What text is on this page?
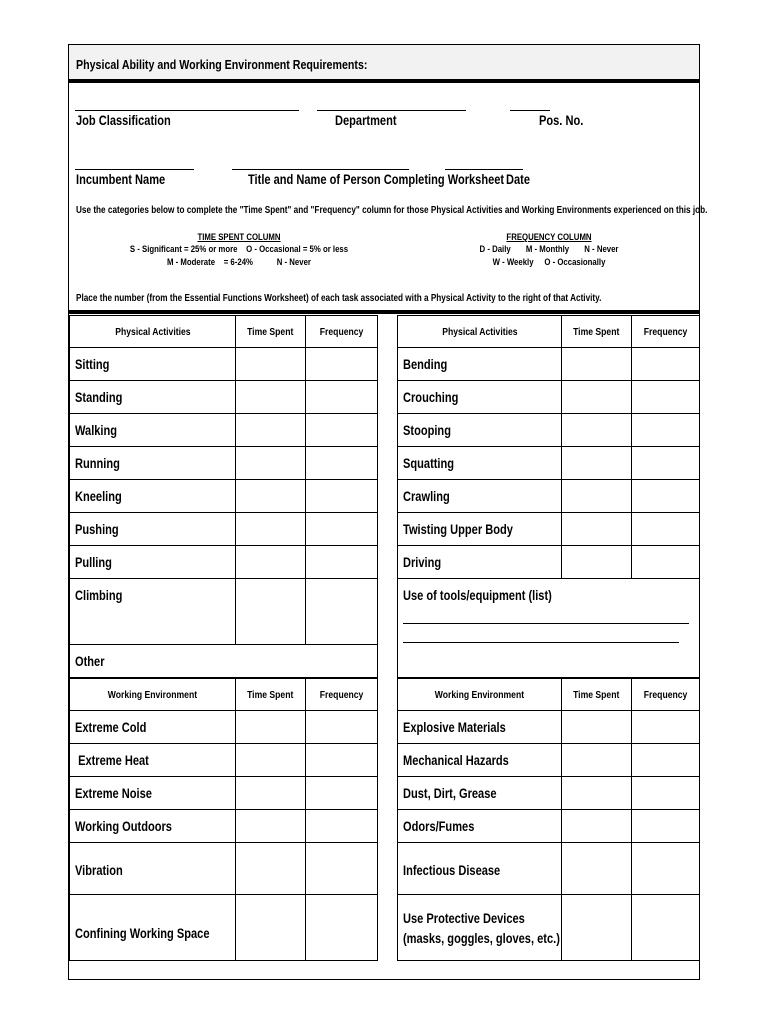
Physical Ability and Working Environment Requirements:
Job Classification	Department	Pos. No.
Incumbent Name	Title and Name of Person Completing Worksheet Date
Use the categories below to complete the "Time Spent" and "Frequency" column for those Physical Activities and Working Environments experienced on this job.
TIME SPENT COLUMN
S - Significant = 25% or more    O - Occasional = 5% or less
M - Moderate    = 6-24%           N - Never
FREQUENCY COLUMN
D - Daily       M - Monthly       N - Never
W - Weekly     O - Occasionally
Place the number (from the Essential Functions Worksheet) of each task associated with a Physical Activity to the right of that Activity.
Physical Activities	Time Spent	Frequency
Sitting		
Standing		
Walking		
Running		
Kneeling		
Pushing		
Pulling		
Climbing		
Other		
Physical Activities	Time Spent	Frequency
Bending		
Crouching		
Stooping		
Squatting		
Crawling		
Twisting Upper Body		
Driving		
Use of tools/equipment (list)		
Working Environment	Time Spent	Frequency
Extreme Cold		
Extreme Heat		
Extreme Noise		
Working Outdoors		
Vibration		
Confining Working Space		
Working Environment	Time Spent	Frequency
Explosive Materials		
Mechanical Hazards		
Dust, Dirt, Grease		
Odors/Fumes		
Infectious Disease		
Use Protective Devices
(masks, goggles, gloves, etc.)		
